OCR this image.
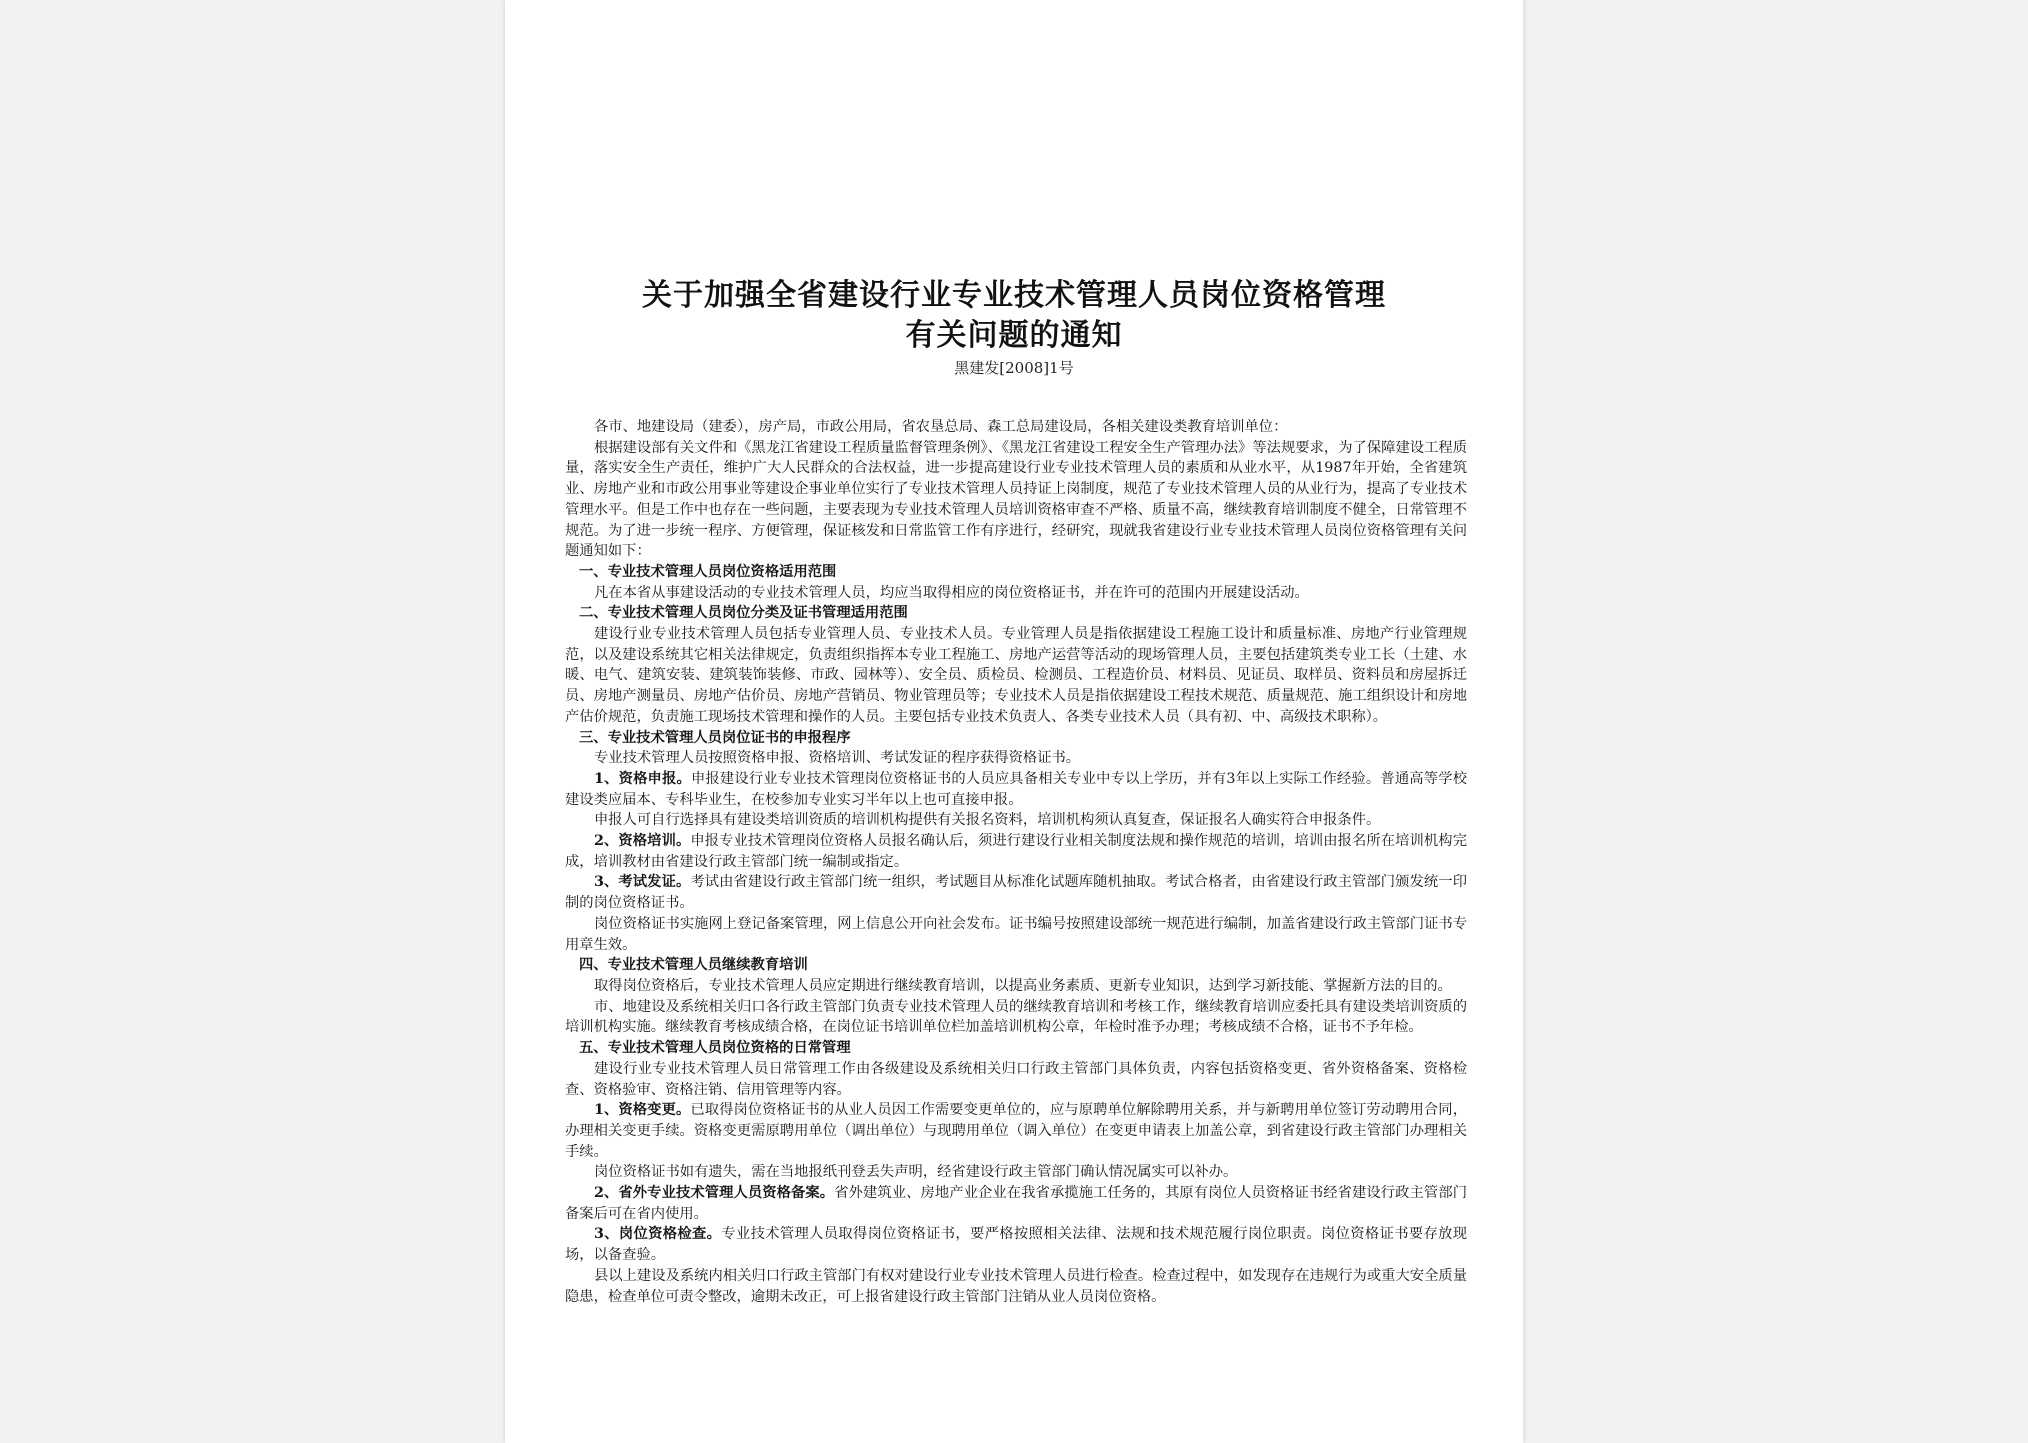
关于加强全省建设行业专业技术管理人员岗位资格管理
有关问题的通知
黑建发[2008]1号

各市、地建设局（建委），房产局，市政公用局，省农垦总局、森工总局建设局，各相关建设类教育培训单位：

根据建设部有关文件和《黑龙江省建设工程质量监督管理条例》、《黑龙江省建设工程安全生产管理办法》等法规要求，为了保障建设工程质量，落实安全生产责任，维护广大人民群众的合法权益，进一步提高建设行业专业技术管理人员的素质和从业水平，从1987年开始，全省建筑业、房地产业和市政公用事业等建设企事业单位实行了专业技术管理人员持证上岗制度，规范了专业技术管理人员的从业行为，提高了专业技术管理水平。但是工作中也存在一些问题，主要表现为专业技术管理人员培训资格审查不严格、质量不高，继续教育培训制度不健全，日常管理不规范。为了进一步统一程序、方便管理，保证核发和日常监管工作有序进行，经研究，现就我省建设行业专业技术管理人员岗位资格管理有关问题通知如下：

一、专业技术管理人员岗位资格适用范围

凡在本省从事建设活动的专业技术管理人员，均应当取得相应的岗位资格证书，并在许可的范围内开展建设活动。

二、专业技术管理人员岗位分类及证书管理适用范围

建设行业专业技术管理人员包括专业管理人员、专业技术人员。专业管理人员是指依据建设工程施工设计和质量标准、房地产行业管理规范，以及建设系统其它相关法律规定，负责组织指挥本专业工程施工、房地产运营等活动的现场管理人员，主要包括建筑类专业工长（土建、水暖、电气、建筑安装、建筑装饰装修、市政、园林等）、安全员、质检员、检测员、工程造价员、材料员、见证员、取样员、资料员和房屋拆迁员、房地产测量员、房地产估价员、房地产营销员、物业管理员等；专业技术人员是指依据建设工程技术规范、质量规范、施工组织设计和房地产估价规范，负责施工现场技术管理和操作的人员。主要包括专业技术负责人、各类专业技术人员（具有初、中、高级技术职称）。

三、专业技术管理人员岗位证书的申报程序

专业技术管理人员按照资格申报、资格培训、考试发证的程序获得资格证书。

1、资格申报。申报建设行业专业技术管理岗位资格证书的人员应具备相关专业中专以上学历，并有3年以上实际工作经验。普通高等学校建设类应届本、专科毕业生，在校参加专业实习半年以上也可直接申报。

申报人可自行选择具有建设类培训资质的培训机构提供有关报名资料，培训机构须认真复查，保证报名人确实符合申报条件。

2、资格培训。申报专业技术管理岗位资格人员报名确认后，须进行建设行业相关制度法规和操作规范的培训，培训由报名所在培训机构完成，培训教材由省建设行政主管部门统一编制或指定。

3、考试发证。考试由省建设行政主管部门统一组织，考试题目从标准化试题库随机抽取。考试合格者，由省建设行政主管部门颁发统一印制的岗位资格证书。

岗位资格证书实施网上登记备案管理，网上信息公开向社会发布。证书编号按照建设部统一规范进行编制，加盖省建设行政主管部门证书专用章生效。

四、专业技术管理人员继续教育培训

取得岗位资格后，专业技术管理人员应定期进行继续教育培训，以提高业务素质、更新专业知识，达到学习新技能、掌握新方法的目的。

市、地建设及系统相关归口各行政主管部门负责专业技术管理人员的继续教育培训和考核工作，继续教育培训应委托具有建设类培训资质的培训机构实施。继续教育考核成绩合格，在岗位证书培训单位栏加盖培训机构公章，年检时准予办理；考核成绩不合格，证书不予年检。

五、专业技术管理人员岗位资格的日常管理

建设行业专业技术管理人员日常管理工作由各级建设及系统相关归口行政主管部门具体负责，内容包括资格变更、省外资格备案、资格检查、资格验审、资格注销、信用管理等内容。

1、资格变更。已取得岗位资格证书的从业人员因工作需要变更单位的，应与原聘单位解除聘用关系，并与新聘用单位签订劳动聘用合同，办理相关变更手续。资格变更需原聘用单位（调出单位）与现聘用单位（调入单位）在变更申请表上加盖公章，到省建设行政主管部门办理相关手续。

岗位资格证书如有遗失，需在当地报纸刊登丢失声明，经省建设行政主管部门确认情况属实可以补办。

2、省外专业技术管理人员资格备案。省外建筑业、房地产业企业在我省承揽施工任务的，其原有岗位人员资格证书经省建设行政主管部门备案后可在省内使用。

3、岗位资格检查。专业技术管理人员取得岗位资格证书，要严格按照相关法律、法规和技术规范履行岗位职责。岗位资格证书要存放现场，以备查验。

县以上建设及系统内相关归口行政主管部门有权对建设行业专业技术管理人员进行检查。检查过程中，如发现存在违规行为或重大安全质量隐患，检查单位可责令整改，逾期未改正，可上报省建设行政主管部门注销从业人员岗位资格。
